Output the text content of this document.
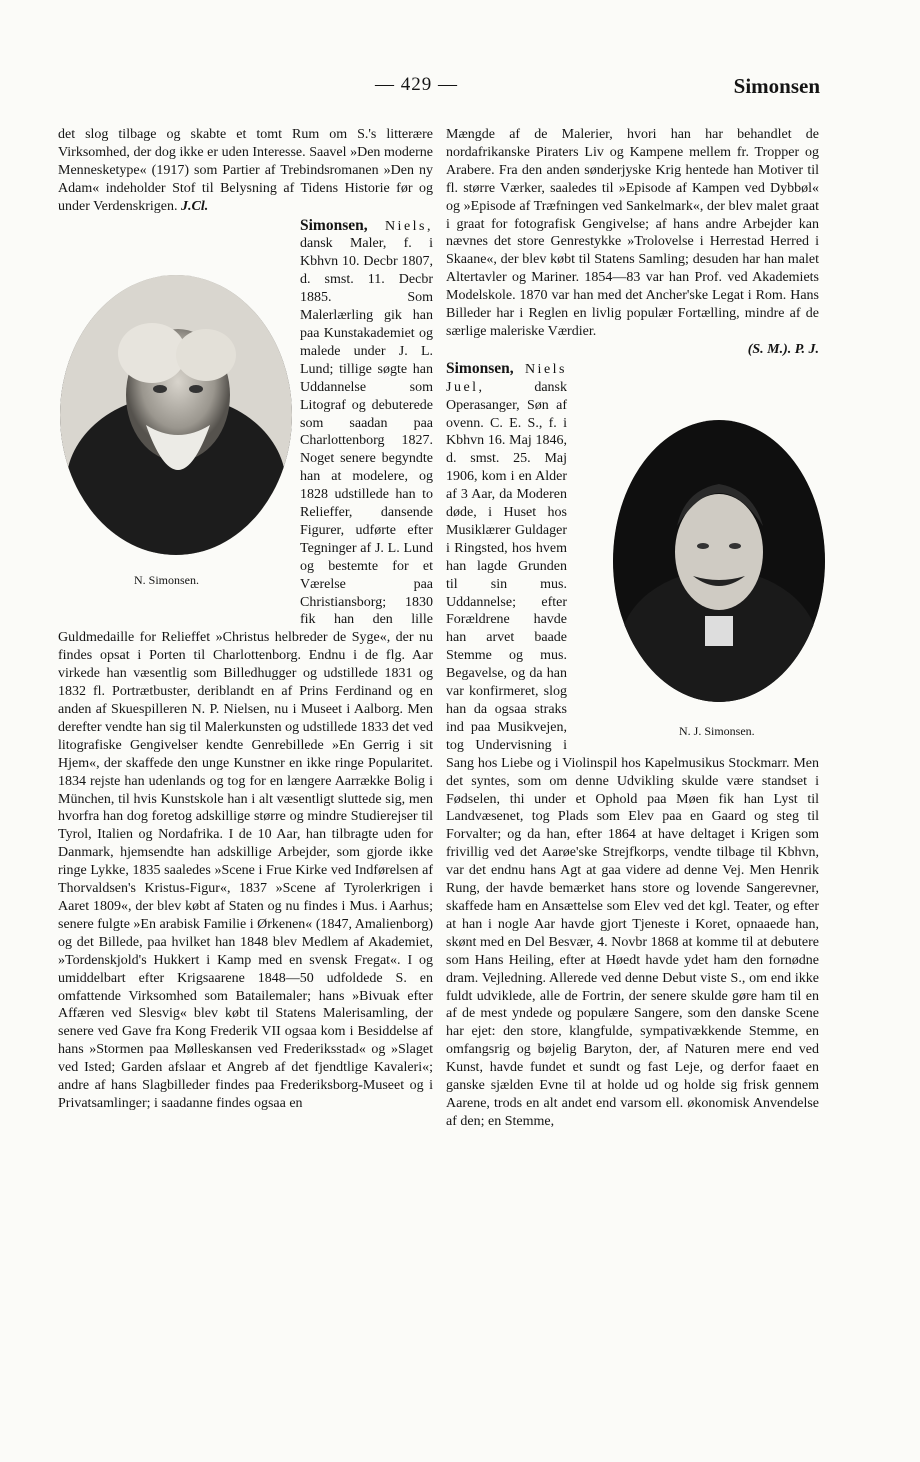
— 429 —	Simonsen

det slog tilbage og skabte et tomt Rum om S.'s litterære Virksomhed, der dog ikke er uden Interesse. Saavel »Den moderne Mennesketype« (1917) som Partier af Trebindsromanen »Den ny Adam« indeholder Stof til Belysning af Tidens Historie før og under Verdenskrigen. J.Cl.

Simonsen, Niels, dansk Maler, f. i Kbhvn 10. Decbr 1807, d. smst. 11. Decbr 1885. Som Malerlærling gik han paa Kunstakademiet og malede under J. L. Lund; tillige søgte han Uddannelse som Litograf og debuterede som saadan paa Charlottenborg 1827. Noget senere begyndte han at modelere, og 1828 udstillede han to Relieffer, dansende Figurer, udførte efter Tegninger af J. L. Lund og bestemte for et Værelse paa Christiansborg; 1830 fik han den lille Guldmedaille for Relieffet »Christus helbreder de Syge«, der nu findes opsat i Porten til Charlottenborg. Endnu i de flg. Aar virkede han væsentlig som Billedhugger og udstillede 1831 og 1832 fl. Portrætbuster, deriblandt en af Prins Ferdinand og en anden af Skuespilleren N. P. Nielsen, nu i Museet i Aalborg. Men derefter vendte han sig til Malerkunsten og udstillede 1833 det ved litografiske Gengivelser kendte Genrebillede »En Gerrig i sit Hjem«, der skaffede den unge Kunstner en ikke ringe Popularitet. 1834 rejste han udenlands og tog for en længere Aarrække Bolig i München, til hvis Kunstskole han i alt væsentligt sluttede sig, men hvorfra han dog foretog adskillige større og mindre Studierejser til Tyrol, Italien og Nordafrika. I de 10 Aar, han tilbragte uden for Danmark, hjemsendte han adskillige Arbejder, som gjorde ikke ringe Lykke, 1835 saaledes »Scene i Frue Kirke ved Indførelsen af Thorvaldsen's Kristus-Figur«, 1837 »Scene af Tyrolerkrigen i Aaret 1809«, der blev købt af Staten og nu findes i Mus. i Aarhus; senere fulgte »En arabisk Familie i Ørkenen« (1847, Amalienborg) og det Billede, paa hvilket han 1848 blev Medlem af Akademiet, »Tordenskjold's Hukkert i Kamp med en svensk Fregat«. I og umiddelbart efter Krigsaarene 1848—50 udfoldede S. en omfattende Virksomhed som Batailemaler; hans »Bivuak efter Affæren ved Slesvig« blev købt til Statens Malerisamling, der senere ved Gave fra Kong Frederik VII ogsaa kom i Besiddelse af hans »Stormen paa Mølleskansen ved Frederiksstad« og »Slaget ved Isted; Garden afslaar et Angreb af det fjendtlige Kavaleri«; andre af hans Slagbilleder findes paa Frederiksborg-Museet og i Privatsamlinger; i saadanne findes ogsaa en

N. Simonsen.

Mængde af de Malerier, hvori han har behandlet de nordafrikanske Piraters Liv og Kampene mellem fr. Tropper og Arabere. Fra den anden sønderjyske Krig hentede han Motiver til fl. større Værker, saaledes til »Episode af Kampen ved Dybbøl« og »Episode af Træfningen ved Sankelmark«, der blev malet graat i graat for fotografisk Gengivelse; af hans andre Arbejder kan nævnes det store Genrestykke »Trolovelse i Herrestad Herred i Skaane«, der blev købt til Statens Samling; desuden har han malet Altertavler og Mariner. 1854—83 var han Prof. ved Akademiets Modelskole. 1870 var han med det Ancher'ske Legat i Rom. Hans Billeder har i Reglen en livlig populær Fortælling, mindre af de særlige maleriske Værdier.

(S. M.). P. J.

Simonsen, Niels Juel,	dansk Operasanger, Søn af ovenn. C. E. S., f. i Kbhvn 16. Maj 1846, d. smst. 25. Maj 1906, kom i en Alder af 3 Aar, da Moderen døde, i Huset hos Musiklærer Guldager i Ringsted, hos hvem han lagde Grunden til sin mus. Uddannelse; efter Forældrene havde han arvet baade Stemme og mus. Begavelse, og da han var konfirmeret, slog han da ogsaa straks ind paa Musikvejen, tog Undervisning i Sang hos Liebe og i Violinspil hos Kapelmusikus Stockmarr. Men det syntes, som om denne Udvikling skulde være standset i Fødselen, thi under et Ophold paa Møen fik han Lyst til Landvæsenet, tog Plads som Elev paa en Gaard og steg til Forvalter; og da han, efter 1864 at have deltaget i Krigen som frivillig ved det Aarøe'ske Strejfkorps, vendte tilbage til Kbhvn, var det endnu hans Agt at gaa videre ad denne Vej. Men Henrik Rung, der havde bemærket hans store og lovende Sangerevner, skaffede ham en Ansættelse som Elev ved det kgl. Teater, og efter at han i nogle Aar havde gjort Tjeneste i Koret, opnaaede han, skønt med en Del Besvær, 4. Novbr 1868 at komme til at debutere som Hans Heiling, efter at Høedt havde ydet ham den fornødne dram. Vejledning. Allerede ved denne Debut viste S., om end ikke fuldt udviklede, alle de Fortrin, der senere skulde gøre ham til en af de mest yndede og populære Sangere, som den danske Scene har ejet: den store, klangfulde, sympativækkende Stemme, en omfangsrig og bøjelig Baryton, der, af Naturen mere end ved Kunst, havde fundet et sundt og fast Leje, og derfor faaet en ganske sjælden Evne til at holde ud og holde sig frisk gennem Aarene, trods en alt andet end varsom ell. økonomisk Anvendelse af den; en Stemme,

N. J. Simonsen.
